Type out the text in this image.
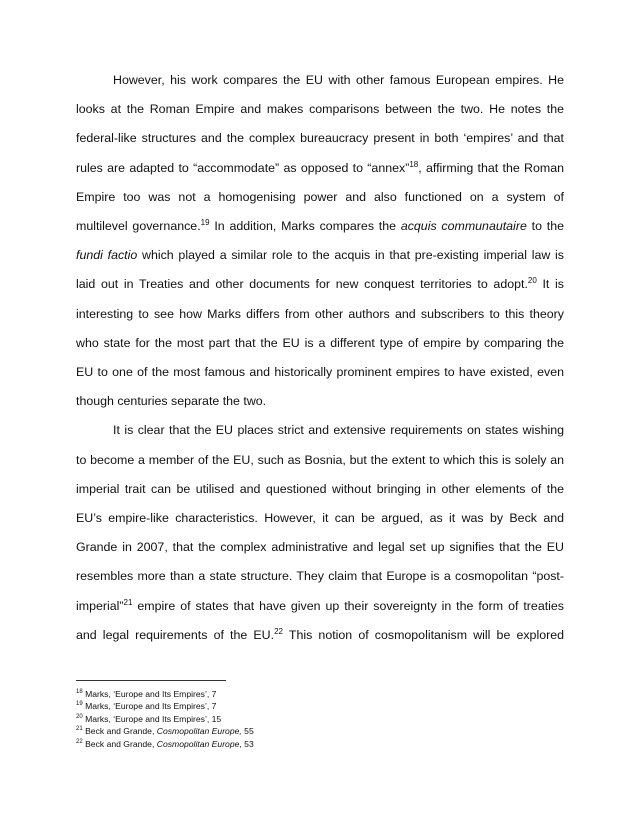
However, his work compares the EU with other famous European empires. He
looks at the Roman Empire and makes comparisons between the two. He notes the
federal-like structures and the complex bureaucracy present in both ‘empires’ and that
rules are adapted to “accommodate” as opposed to “annex”$^{18}$, affirming that the Roman
Empire too was not a homogenising power and also functioned on a system of
multilevel governance.$^{19}$ In addition, Marks compares the acquis communautaire to the
fundi factio which played a similar role to the acquis in that pre-existing imperial law is
laid out in Treaties and other documents for new conquest territories to adopt.$^{20}$ It is
interesting to see how Marks differs from other authors and subscribers to this theory
who state for the most part that the EU is a different type of empire by comparing the
EU to one of the most famous and historically prominent empires to have existed, even
though centuries separate the two.
It is clear that the EU places strict and extensive requirements on states wishing
to become a member of the EU, such as Bosnia, but the extent to which this is solely an
imperial trait can be utilised and questioned without bringing in other elements of the
EU’s empire-like characteristics. However, it can be argued, as it was by Beck and
Grande in 2007, that the complex administrative and legal set up signifies that the EU
resembles more than a state structure. They claim that Europe is a cosmopolitan “post-
imperial”$^{21}$ empire of states that have given up their sovereignty in the form of treaties
and legal requirements of the EU.$^{22}$ This notion of cosmopolitanism will be explored
$^{18}$ Marks, ‘Europe and Its Empires’, 7
$^{19}$ Marks, ‘Europe and Its Empires’, 7
$^{20}$ Marks, ‘Europe and Its Empires’, 15
$^{21}$ Beck and Grande, Cosmopolitan Europe, 55
$^{22}$ Beck and Grande, Cosmopolitan Europe, 53
